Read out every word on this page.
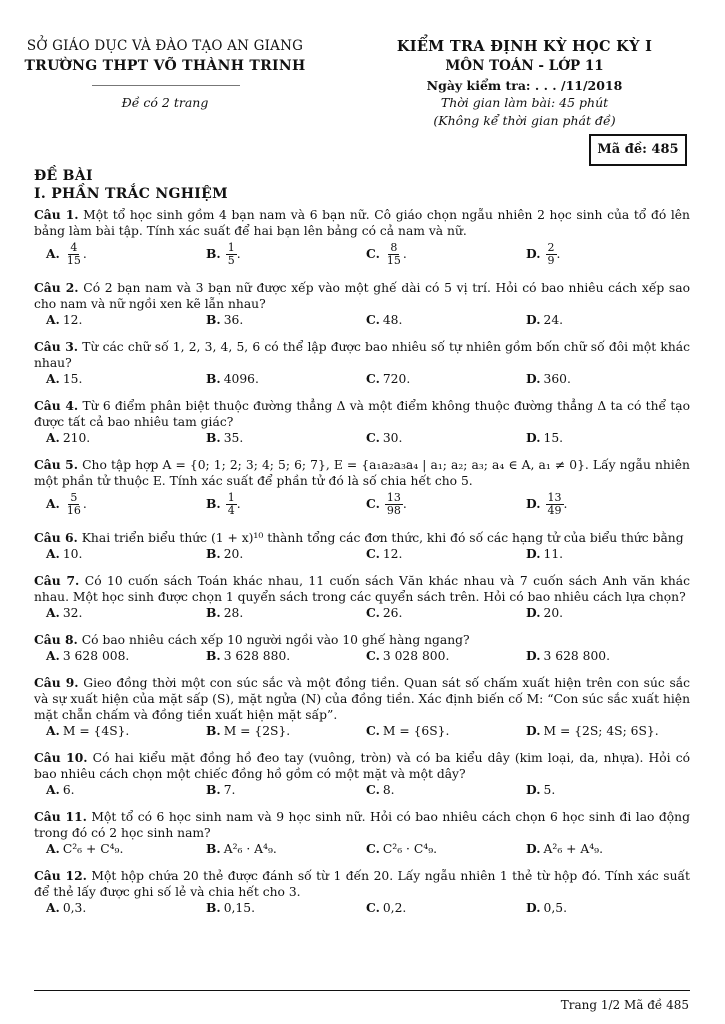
SỞ GIÁO DỤC VÀ ĐÀO TẠO AN GIANG
TRƯỜNG THPT VÕ THÀNH TRINH
Đề có 2 trang
KIỂM TRA ĐỊNH KỲ HỌC KỲ I
MÔN TOÁN - LỚP 11
Ngày kiểm tra: . . . /11/2018
Thời gian làm bài: 45 phút
(Không kể thời gian phát đề)
Mã đề: 485
ĐỀ BÀI
I. PHẦN TRẮC NGHIỆM
Câu 1. Một tổ học sinh gồm 4 bạn nam và 6 bạn nữ. Cô giáo chọn ngẫu nhiên 2 học sinh của tổ đó lên bảng làm bài tập. Tính xác suất để hai bạn lên bảng có cả nam và nữ.
A. $\frac{4}{15}$ .	B. $\frac{1}{5}$ .	C. $\frac{8}{15}$ .	D. $\frac{2}{9}$ .
Câu 2. Có 2 bạn nam và 3 bạn nữ được xếp vào một ghế dài có 5 vị trí. Hỏi có bao nhiêu cách xếp sao cho nam và nữ ngồi xen kẽ lẫn nhau?
A. 12.	B. 36.	C. 48.	D. 24.
Câu 3. Từ các chữ số 1, 2, 3, 4, 5, 6 có thể lập được bao nhiêu số tự nhiên gồm bốn chữ số đôi một khác nhau?
A. 15.	B. 4096.	C. 720.	D. 360.
Câu 4. Từ 6 điểm phân biệt thuộc đường thẳng Δ và một điểm không thuộc đường thẳng Δ ta có thể tạo được tất cả bao nhiêu tam giác?
A. 210.	B. 35.	C. 30.	D. 15.
Câu 5. Cho tập hợp A = {0; 1; 2; 3; 4; 5; 6; 7}, E = {a₁a₂a₃a₄ | a₁; a₂; a₃; a₄ ∈ A, a₁ ≠ 0}. Lấy ngẫu nhiên một phần tử thuộc E. Tính xác suất để phần tử đó là số chia hết cho 5.
A. $\frac{5}{16}$ .	B. $\frac{1}{4}$ .	C. $\frac{13}{98}$ .	D. $\frac{13}{49}$ .
Câu 6. Khai triển biểu thức (1 + x)¹⁰ thành tổng các đơn thức, khi đó số các hạng tử của biểu thức bằng
A. 10.	B. 20.	C. 12.	D. 11.
Câu 7. Có 10 cuốn sách Toán khác nhau, 11 cuốn sách Văn khác nhau và 7 cuốn sách Anh văn khác nhau. Một học sinh được chọn 1 quyển sách trong các quyển sách trên. Hỏi có bao nhiêu cách lựa chọn?
A. 32.	B. 28.	C. 26.	D. 20.
Câu 8. Có bao nhiêu cách xếp 10 người ngồi vào 10 ghế hàng ngang?
A. 3 628 008.	B. 3 628 880.	C. 3 028 800.	D. 3 628 800.
Câu 9. Gieo đồng thời một con súc sắc và một đồng tiền. Quan sát số chấm xuất hiện trên con súc sắc và sự xuất hiện của mặt sấp (S), mặt ngửa (N) của đồng tiền. Xác định biến cố M: “Con súc sắc xuất hiện mặt chẵn chấm và đồng tiền xuất hiện mặt sấp”.
A. M = {4S}.	B. M = {2S}.	C. M = {6S}.	D. M = {2S; 4S; 6S}.
Câu 10. Có hai kiểu mặt đồng hồ đeo tay (vuông, tròn) và có ba kiểu dây (kim loại, da, nhựa). Hỏi có bao nhiêu cách chọn một chiếc đồng hồ gồm có một mặt và một dây?
A. 6.	B. 7.	C. 8.	D. 5.
Câu 11. Một tổ có 6 học sinh nam và 9 học sinh nữ. Hỏi có bao nhiêu cách chọn 6 học sinh đi lao động trong đó có 2 học sinh nam?
A. C²₆ + C⁴₉.	B. A²₆ · A⁴₉.	C. C²₆ · C⁴₉.	D. A²₆ + A⁴₉.
Câu 12. Một hộp chứa 20 thẻ được đánh số từ 1 đến 20. Lấy ngẫu nhiên 1 thẻ từ hộp đó. Tính xác suất để thẻ lấy được ghi số lẻ và chia hết cho 3.
A. 0,3.	B. 0,15.	C. 0,2.	D. 0,5.
Trang 1/2 Mã đề 485
